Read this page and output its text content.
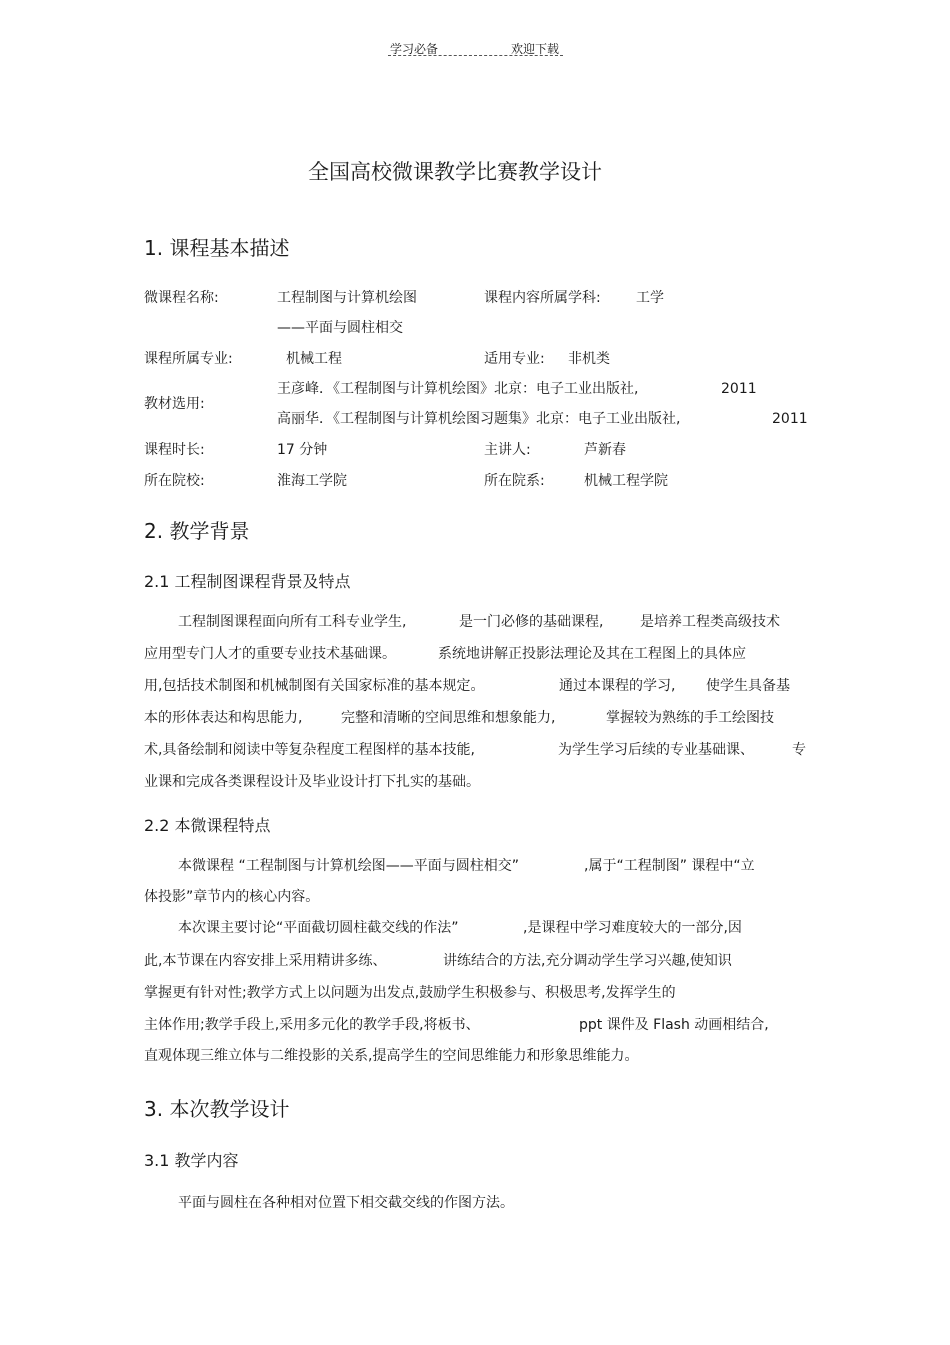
学习必备	欢迎下载
全国高校微课教学比赛教学设计
1. 课程基本描述
微课程名称:	工程制图与计算机绘图	课程内容所属学科:	工学
——平面与圆柱相交
课程所属专业:	机械工程	适用专业: 非机类
教材选用:
王彦峰．《工程制图与计算机绘图》北京：电子工业出版社,	2011
高丽华．《工程制图与计算机绘图习题集》北京：电子工业出版社,	2011
课程时长:	17 分钟	主讲人:	芦新春
所在院校:	淮海工学院	所在院系:	机械工程学院
2. 教学背景
2.1 工程制图课程背景及特点
工程制图课程面向所有工科专业学生,	是一门必修的基础课程,	是培养工程类高级技术
应用型专门人才的重要专业技术基础课。	系统地讲解正投影法理论及其在工程图上的具体应
用,包括技术制图和机械制图有关国家标准的基本规定。	通过本课程的学习, 使学生具备基
本的形体表达和构思能力,	完整和清晰的空间思维和想象能力,	掌握较为熟练的手工绘图技
术,具备绘制和阅读中等复杂程度工程图样的基本技能,	为学生学习后续的专业基础课、	专
业课和完成各类课程设计及毕业设计打下扎实的基础。
2.2 本微课程特点
本微课程 “工程制图与计算机绘图——平面与圆柱相交”	,属于“工程制图” 课程中“立
体投影”章节内的核心内容。
本次课主要讨论“平面截切圆柱截交线的作法”	,是课程中学习难度较大的一部分,因
此,本节课在内容安排上采用精讲多练、	讲练结合的方法,充分调动学生学习兴趣,使知识
掌握更有针对性;教学方式上以问题为出发点,鼓励学生积极参与、积极思考,发挥学生的
主体作用;教学手段上,采用多元化的教学手段,将板书、	ppt 课件及 Flash 动画相结合,
直观体现三维立体与二维投影的关系,提高学生的空间思维能力和形象思维能力。
3. 本次教学设计
3.1 教学内容
平面与圆柱在各种相对位置下相交截交线的作图方法。
